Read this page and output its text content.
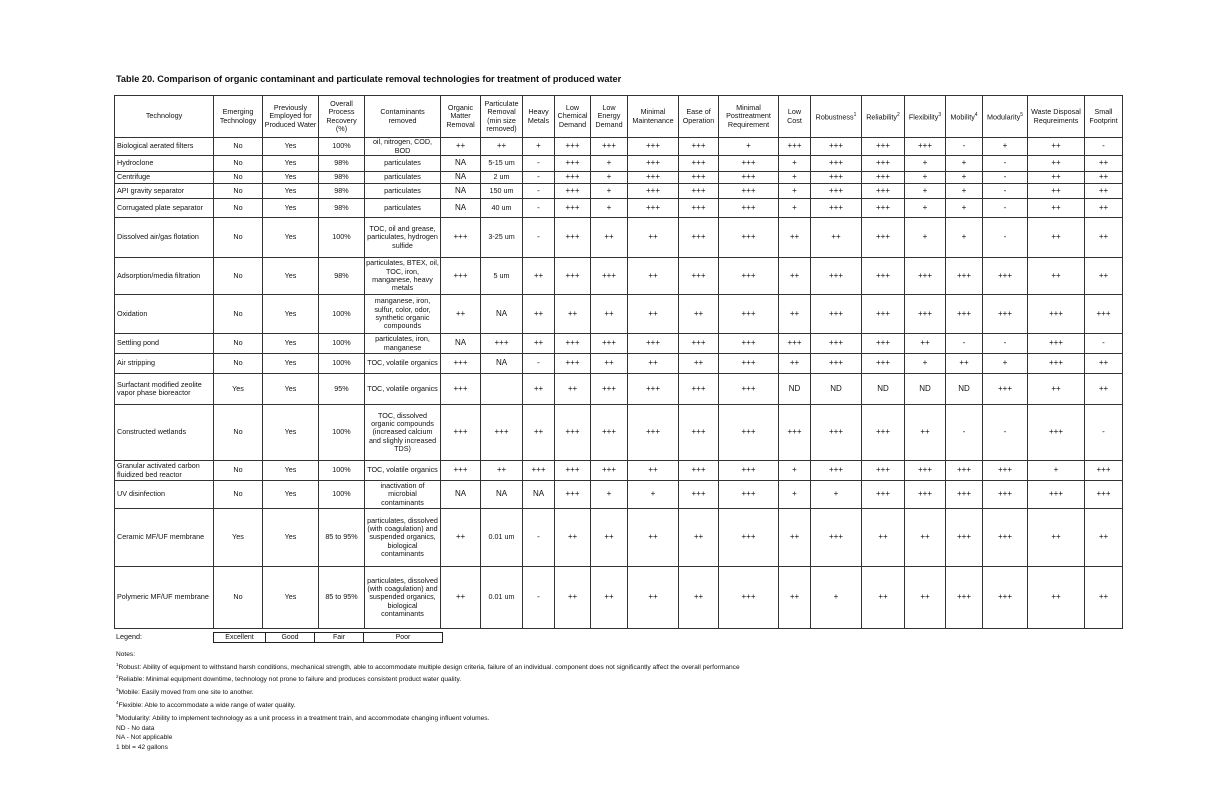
Table 20. Comparison of organic contaminant and particulate removal technologies for treatment of produced water
Technology	Emerging Technology	Previously Employed for Produced Water	Overall Process Recovery (%)	Contaminants removed	Organic Matter Removal	Particulate Removal (min size removed)	Heavy Metals	Low Chemical Demand	Low Energy Demand	Minimal Maintenance	Ease of Operation	Minimal Posttreatment Requirement	Low Cost	Robustness$^1$	Reliability$^2$	Flexibility$^3$	Mobility$^4$	Modularity$^5$	Waste Disposal Requreiments	Small Footprint
Biological aerated filters	No	Yes	100%	oil, nitrogen, COD, BOD	++	++	+	+++	+++	+++	+++	+	+++	+++	+++	+++	-	+	++	-
Hydroclone	No	Yes	98%	particulates	NA	5-15 um	-	+++	+	+++	+++	+++	+	+++	+++	+	+	-	++	++
Centrifuge	No	Yes	98%	particulates	NA	2 um	-	+++	+	+++	+++	+++	+	+++	+++	+	+	-	++	++
API gravity separator	No	Yes	98%	particulates	NA	150 um	-	+++	+	+++	+++	+++	+	+++	+++	+	+	-	++	++
Corrugated plate separator	No	Yes	98%	particulates	NA	40 um	-	+++	+	+++	+++	+++	+	+++	+++	+	+	-	++	++
Dissolved air/gas flotation	No	Yes	100%	TOC, oil and grease, particulates, hydrogen sulfide	+++	3-25 um	-	+++	++	++	+++	+++	++	++	+++	+	+	-	++	++
Adsorption/media filtration	No	Yes	98%	particulates, BTEX, oil, TOC, iron, manganese, heavy metals	+++	5 um	++	+++	+++	++	+++	+++	++	+++	+++	+++	+++	+++	++	++
Oxidation	No	Yes	100%	manganese, iron, sulfur, color, odor, synthetic organic compounds	++	NA	++	++	++	++	++	+++	++	+++	+++	+++	+++	+++	+++	+++
Settling pond	No	Yes	100%	particulates, iron, manganese	NA	+++	++	+++	+++	+++	+++	+++	+++	+++	+++	++	-	-	+++	-
Air stripping	No	Yes	100%	TOC, volatile organics	+++	NA	-	+++	++	++	++	+++	++	+++	+++	+	++	+	+++	++
Surfactant modified zeolite vapor phase bioreactor	Yes	Yes	95%	TOC, volatile organics	+++		++	++	+++	+++	+++	+++	ND	ND	ND	ND	ND	+++	++	++
Constructed wetlands	No	Yes	100%	TOC, dissolved organic compounds (increased calcium and slighly increased TDS)	+++	+++	++	+++	+++	+++	+++	+++	+++	+++	+++	++	-	-	+++	-
Granular activated carbon fluidized bed reactor	No	Yes	100%	TOC, volatile organics	+++	++	+++	+++	+++	++	+++	+++	+	+++	+++	+++	+++	+++	+	+++
UV disinfection	No	Yes	100%	inactivation of microbial contaminants	NA	NA	NA	+++	+	+	+++	+++	+	+	+++	+++	+++	+++	+++	+++
Ceramic MF/UF membrane	Yes	Yes	85 to 95%	particulates, dissolved (with coagulation) and suspended organics, biological contaminants	++	0.01 um	-	++	++	++	++	+++	++	+++	++	++	+++	+++	++	++
Polymeric MF/UF membrane	No	Yes	85 to 95%	particulates, dissolved (with coagulation) and suspended organics, biological contaminants	++	0.01 um	-	++	++	++	++	+++	++	+	++	++	+++	+++	++	++
Legend:	Excellent	Good	Fair	Poor
Notes:
$^1$Robust: Ability of equipment to withstand harsh conditions, mechanical strength, able to accommodate multiple design criteria, failure of an individual. component does not significantly affect the overall performance
$^2$Reliable: Minimal equipment downtime, technology not prone to failure and produces consistent product water quality.
$^3$Mobile: Easily moved from one site to another.
$^4$Flexible: Able to accommodate a wide range of water quality.
$^5$Modularity: Ability to implement technology as a unit process in a treatment train, and accommodate changing influent volumes.
ND - No data
NA - Not applicable
1 bbl = 42 gallons
